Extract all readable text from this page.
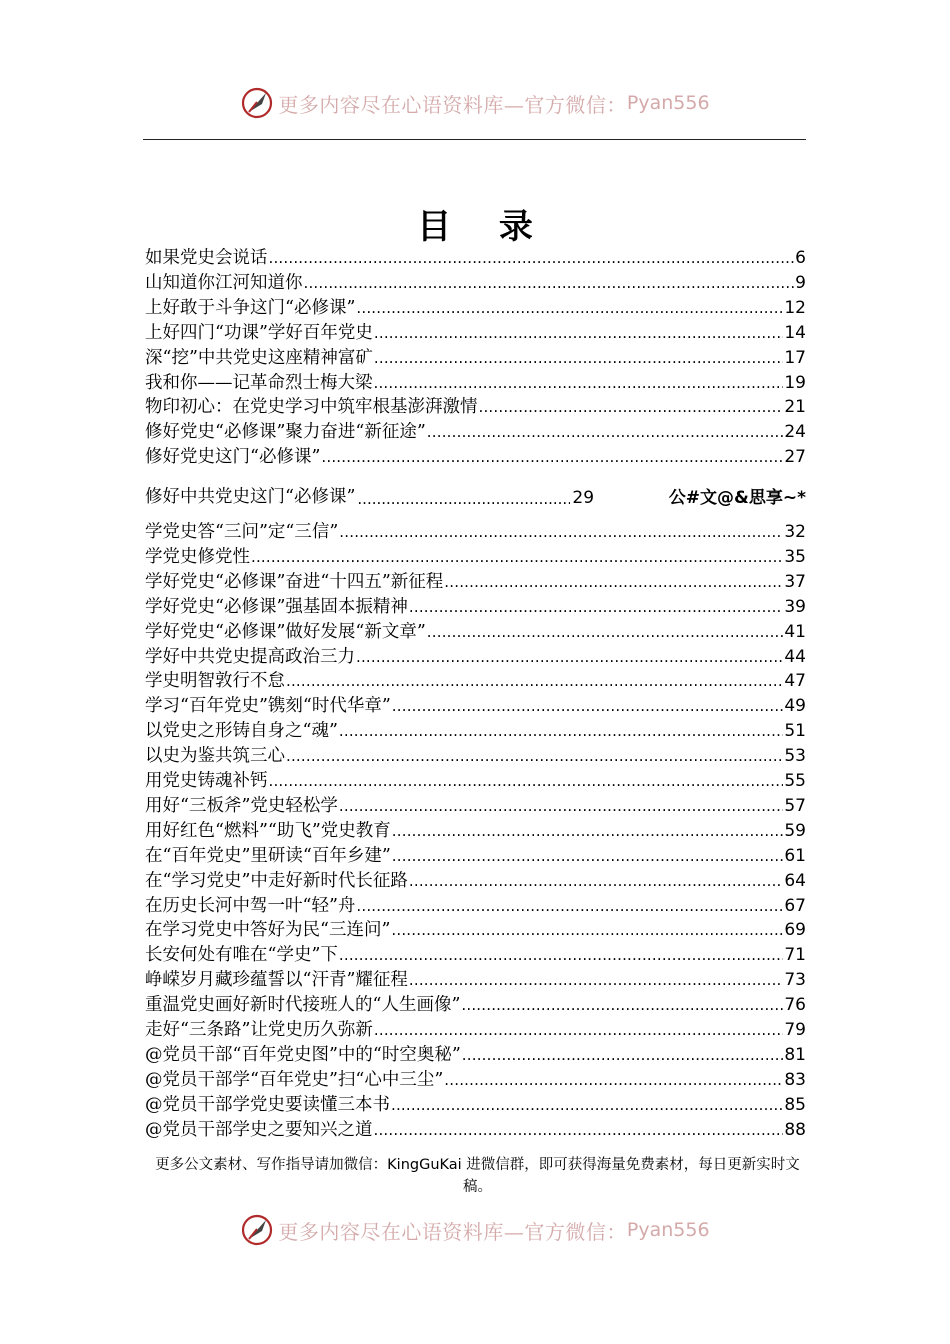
更多内容尽在心语资料库—官方微信： Pyan556
目 录
如果党史会说话 .....	6
山知道你江河知道你 .....	9
上好敢于斗争这门“必修课” .....	12
上好四门“功课”学好百年党史 .....	14
深“挖”中共党史这座精神富矿 .....	17
我和你——记革命烈士梅大梁 .....	19
物印初心：在党史学习中筑牢根基澎湃激情 .....	21
修好党史“必修课”聚力奋进“新征途” .....	24
修好党史这门“必修课” .....	27
修好中共党史这门“必修课” .....	29	公#文@&思享~*
学党史答“三问”定“三信” .....	32
学党史修党性 .....	35
学好党史“必修课”奋进“十四五”新征程 .....	37
学好党史“必修课”强基固本振精神 .....	39
学好党史“必修课”做好发展“新文章” .....	41
学好中共党史提高政治三力 .....	44
学史明智敦行不怠 .....	47
学习“百年党史”镌刻“时代华章” .....	49
以党史之形铸自身之“魂” .....	51
以史为鉴共筑三心 .....	53
用党史铸魂补钙 .....	55
用好“三板斧”党史轻松学 .....	57
用好红色“燃料”“助飞”党史教育 .....	59
在“百年党史”里研读“百年乡建” .....	61
在“学习党史”中走好新时代长征路 .....	64
在历史长河中驾一叶“轻”舟 .....	67
在学习党史中答好为民“三连问” .....	69
长安何处有唯在“学史”下 .....	71
峥嵘岁月藏珍蕴誓以“汗青”耀征程 .....	73
重温党史画好新时代接班人的“人生画像” .....	76
走好“三条路”让党史历久弥新 .....	79
@党员干部“百年党史图”中的“时空奥秘” .....	81
@党员干部学“百年党史”扫“心中三尘” .....	83
@党员干部学党史要读懂三本书 .....	85
@党员干部学史之要知兴之道 .....	88
更多公文素材、写作指导请加微信：KingGuKai 进微信群，即可获得海量免费素材，每日更新实时文稿。
更多内容尽在心语资料库—官方微信： Pyan556
